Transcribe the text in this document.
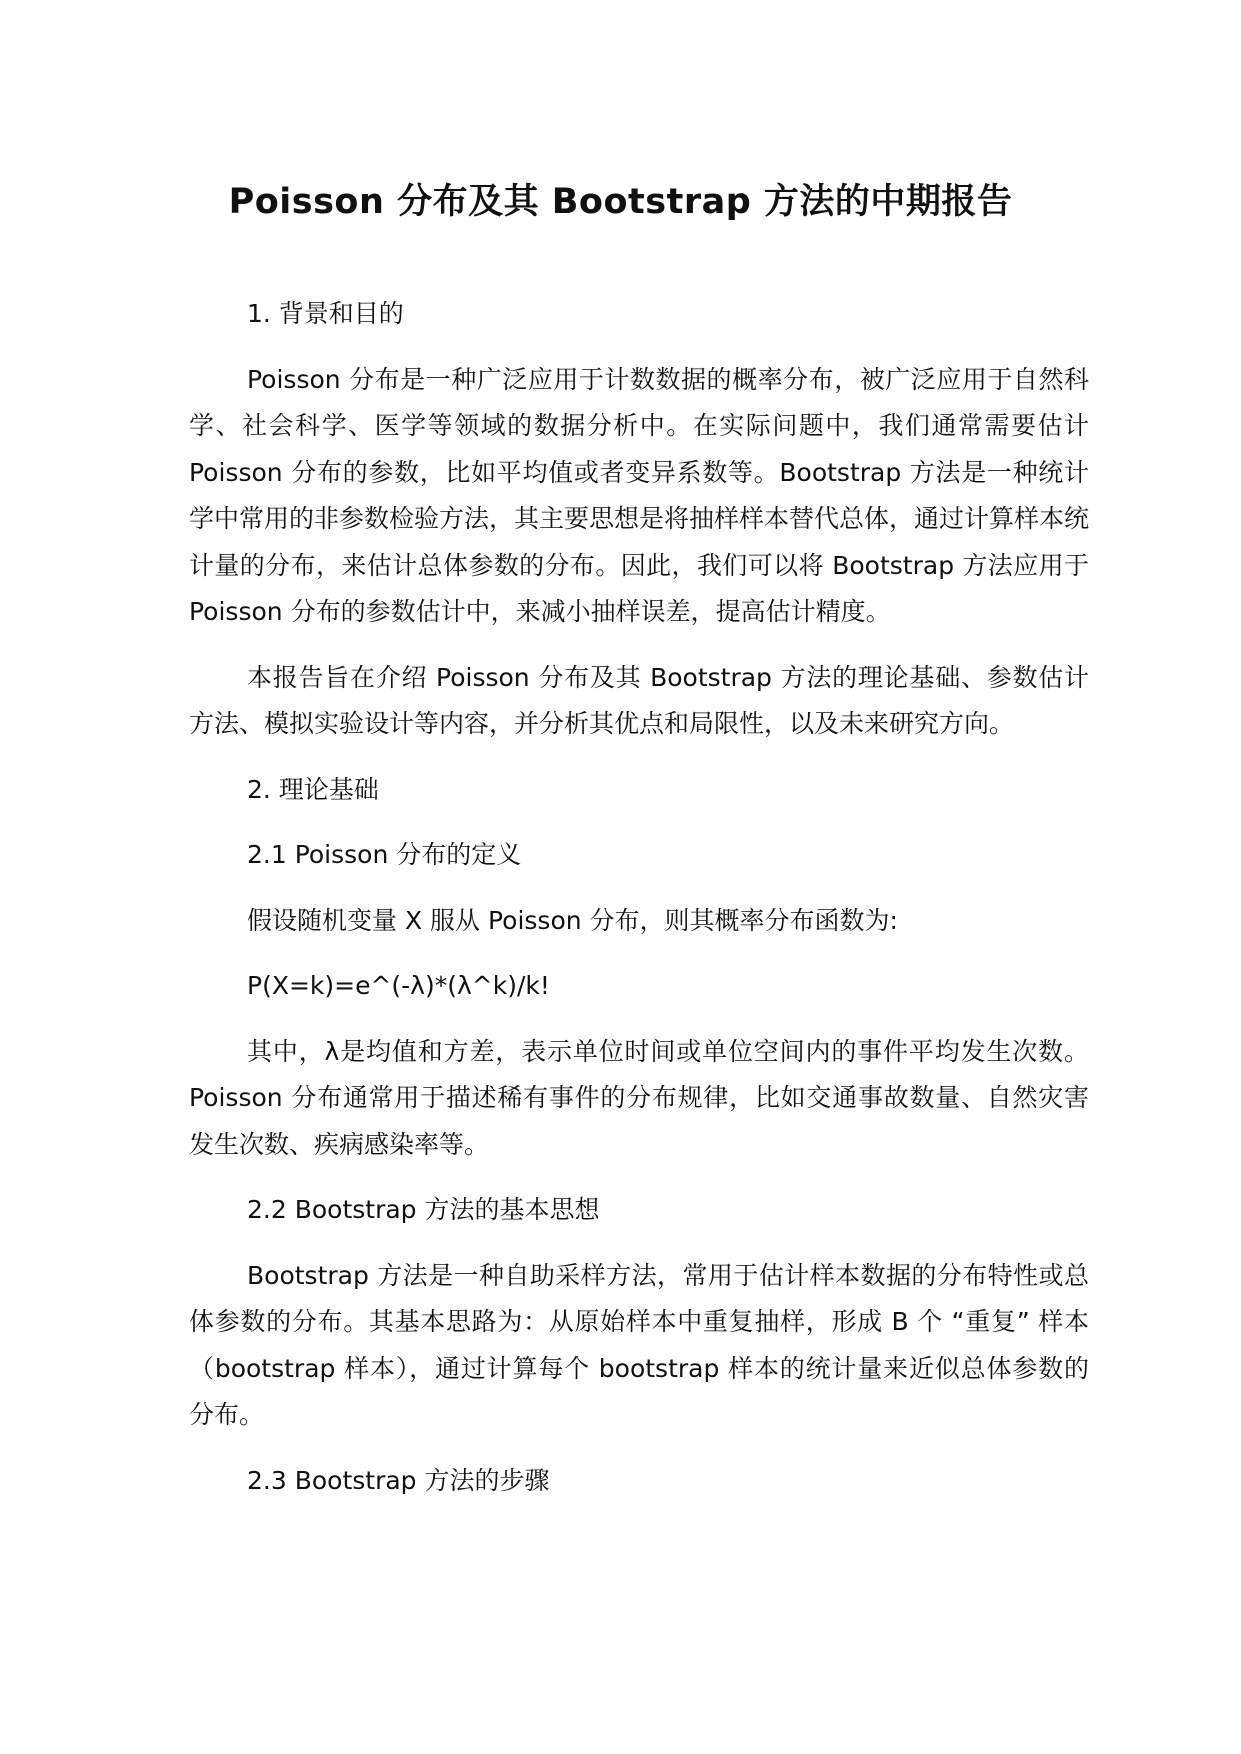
Poisson 分布及其 Bootstrap 方法的中期报告

1. 背景和目的

Poisson 分布是一种广泛应用于计数数据的概率分布，被广泛应用于自然科学、社会科学、医学等领域的数据分析中。在实际问题中，我们通常需要估计 Poisson 分布的参数，比如平均值或者变异系数等。Bootstrap 方法是一种统计学中常用的非参数检验方法，其主要思想是将抽样样本替代总体，通过计算样本统计量的分布，来估计总体参数的分布。因此，我们可以将 Bootstrap 方法应用于 Poisson 分布的参数估计中，来减小抽样误差，提高估计精度。

本报告旨在介绍 Poisson 分布及其 Bootstrap 方法的理论基础、参数估计方法、模拟实验设计等内容，并分析其优点和局限性，以及未来研究方向。

2. 理论基础

2.1 Poisson 分布的定义

假设随机变量 X 服从 Poisson 分布，则其概率分布函数为:

P(X=k)=e^(-λ)*(λ^k)/k!

其中，λ是均值和方差，表示单位时间或单位空间内的事件平均发生次数。Poisson 分布通常用于描述稀有事件的分布规律，比如交通事故数量、自然灾害发生次数、疾病感染率等。

2.2 Bootstrap 方法的基本思想

Bootstrap 方法是一种自助采样方法，常用于估计样本数据的分布特性或总体参数的分布。其基本思路为：从原始样本中重复抽样，形成 B 个 “重复” 样本（bootstrap 样本），通过计算每个 bootstrap 样本的统计量来近似总体参数的分布。

2.3 Bootstrap 方法的步骤
